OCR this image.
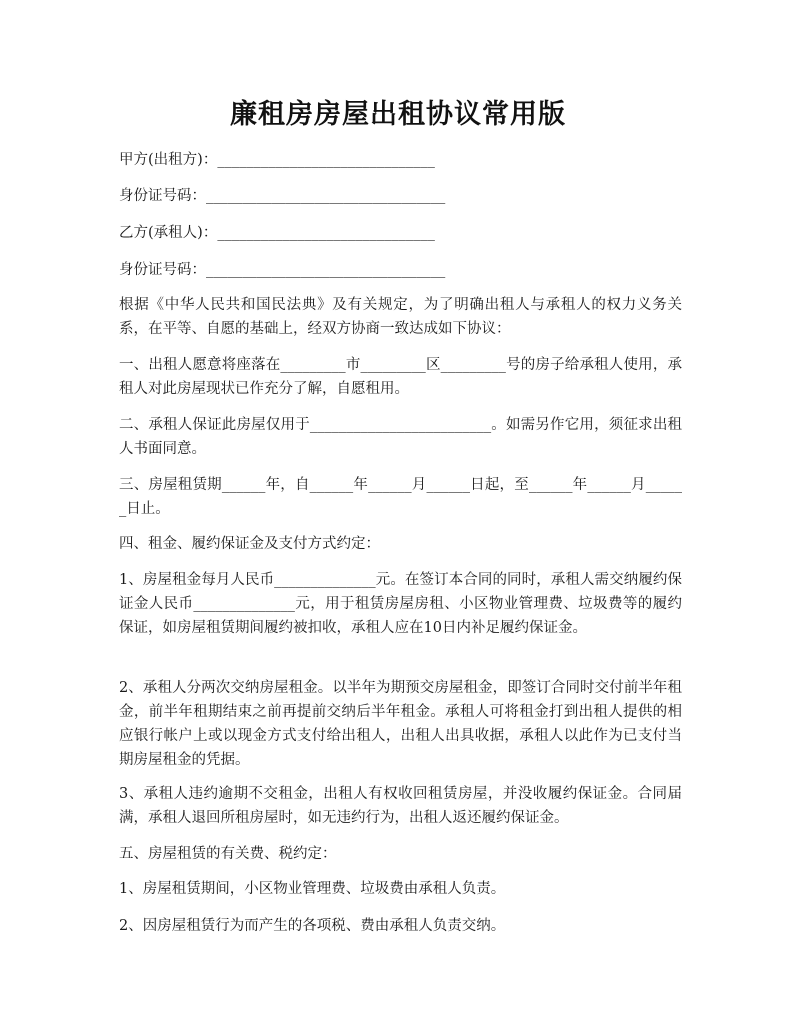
廉租房房屋出租协议常用版

甲方(出租方)：______________________________

身份证号码：_________________________________

乙方(承租人)：______________________________

身份证号码：_________________________________

根据《中华人民共和国民法典》及有关规定，为了明确出租人与承租人的权力义务关系，在平等、自愿的基础上，经双方协商一致达成如下协议：

一、出租人愿意将座落在_________市_________区_________号的房子给承租人使用，承租人对此房屋现状已作充分了解，自愿租用。

二、承租人保证此房屋仅用于_________________________。如需另作它用，须征求出租人书面同意。

三、房屋租赁期______年，自______年______月______日起，至______年______月______日止。

四、租金、履约保证金及支付方式约定：

1、房屋租金每月人民币______________元。在签订本合同的同时，承租人需交纳履约保证金人民币______________元，用于租赁房屋房租、小区物业管理费、垃圾费等的履约保证，如房屋租赁期间履约被扣收，承租人应在10日内补足履约保证金。

2、承租人分两次交纳房屋租金。以半年为期预交房屋租金，即签订合同时交付前半年租金，前半年租期结束之前再提前交纳后半年租金。承租人可将租金打到出租人提供的相应银行帐户上或以现金方式支付给出租人，出租人出具收据，承租人以此作为已支付当期房屋租金的凭据。

3、承租人违约逾期不交租金，出租人有权收回租赁房屋，并没收履约保证金。合同届满，承租人退回所租房屋时，如无违约行为，出租人返还履约保证金。

五、房屋租赁的有关费、税约定：

1、房屋租赁期间，小区物业管理费、垃圾费由承租人负责。

2、因房屋租赁行为而产生的各项税、费由承租人负责交纳。
